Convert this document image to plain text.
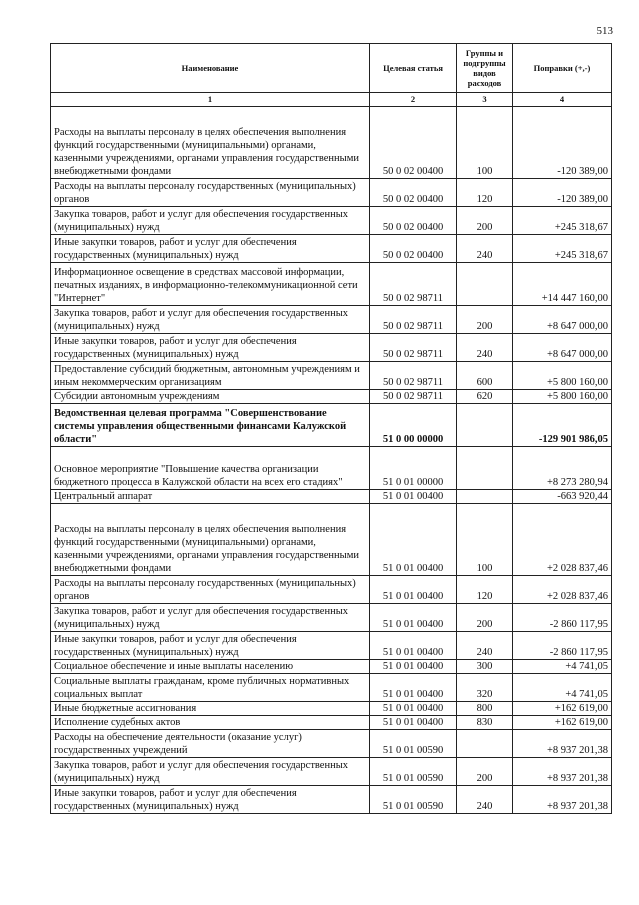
513
Наименование	Целевая статья	Группы и подгруппы видов расходов	Поправки (+,-)
1	2	3	4
Расходы на выплаты персоналу в целях обеспечения выполнения функций государственными (муниципальными) органами, казенными учреждениями, органами управления государственными внебюджетными фондами	50 0 02 00400	100	-120 389,00
Расходы на выплаты персоналу государственных (муниципальных) органов	50 0 02 00400	120	-120 389,00
Закупка товаров, работ и услуг для обеспечения государственных (муниципальных) нужд	50 0 02 00400	200	+245 318,67
Иные закупки товаров, работ и услуг для обеспечения государственных (муниципальных) нужд	50 0 02 00400	240	+245 318,67
Информационное освещение в средствах массовой информации, печатных изданиях, в информационно-телекоммуникационной сети "Интернет"	50 0 02 98711		+14 447 160,00
Закупка товаров, работ и услуг для обеспечения государственных (муниципальных) нужд	50 0 02 98711	200	+8 647 000,00
Иные закупки товаров, работ и услуг для обеспечения государственных (муниципальных) нужд	50 0 02 98711	240	+8 647 000,00
Предоставление субсидий бюджетным, автономным учреждениям и иным некоммерческим организациям	50 0 02 98711	600	+5 800 160,00
Субсидии автономным учреждениям	50 0 02 98711	620	+5 800 160,00
Ведомственная целевая программа "Совершенствование системы управления общественными финансами Калужской области"	51 0 00 00000		-129 901 986,05
Основное мероприятие "Повышение качества организации бюджетного процесса в Калужской области на всех его стадиях"	51 0 01 00000		+8 273 280,94
Центральный аппарат	51 0 01 00400		-663 920,44
Расходы на выплаты персоналу в целях обеспечения выполнения функций государственными (муниципальными) органами, казенными учреждениями, органами управления государственными внебюджетными фондами	51 0 01 00400	100	+2 028 837,46
Расходы на выплаты персоналу государственных (муниципальных) органов	51 0 01 00400	120	+2 028 837,46
Закупка товаров, работ и услуг для обеспечения государственных (муниципальных) нужд	51 0 01 00400	200	-2 860 117,95
Иные закупки товаров, работ и услуг для обеспечения государственных (муниципальных) нужд	51 0 01 00400	240	-2 860 117,95
Социальное обеспечение и иные выплаты населению	51 0 01 00400	300	+4 741,05
Социальные выплаты гражданам, кроме публичных нормативных социальных выплат	51 0 01 00400	320	+4 741,05
Иные бюджетные ассигнования	51 0 01 00400	800	+162 619,00
Исполнение судебных актов	51 0 01 00400	830	+162 619,00
Расходы на обеспечение деятельности (оказание услуг) государственных учреждений	51 0 01 00590		+8 937 201,38
Закупка товаров, работ и услуг для обеспечения государственных (муниципальных) нужд	51 0 01 00590	200	+8 937 201,38
Иные закупки товаров, работ и услуг для обеспечения государственных (муниципальных) нужд	51 0 01 00590	240	+8 937 201,38
